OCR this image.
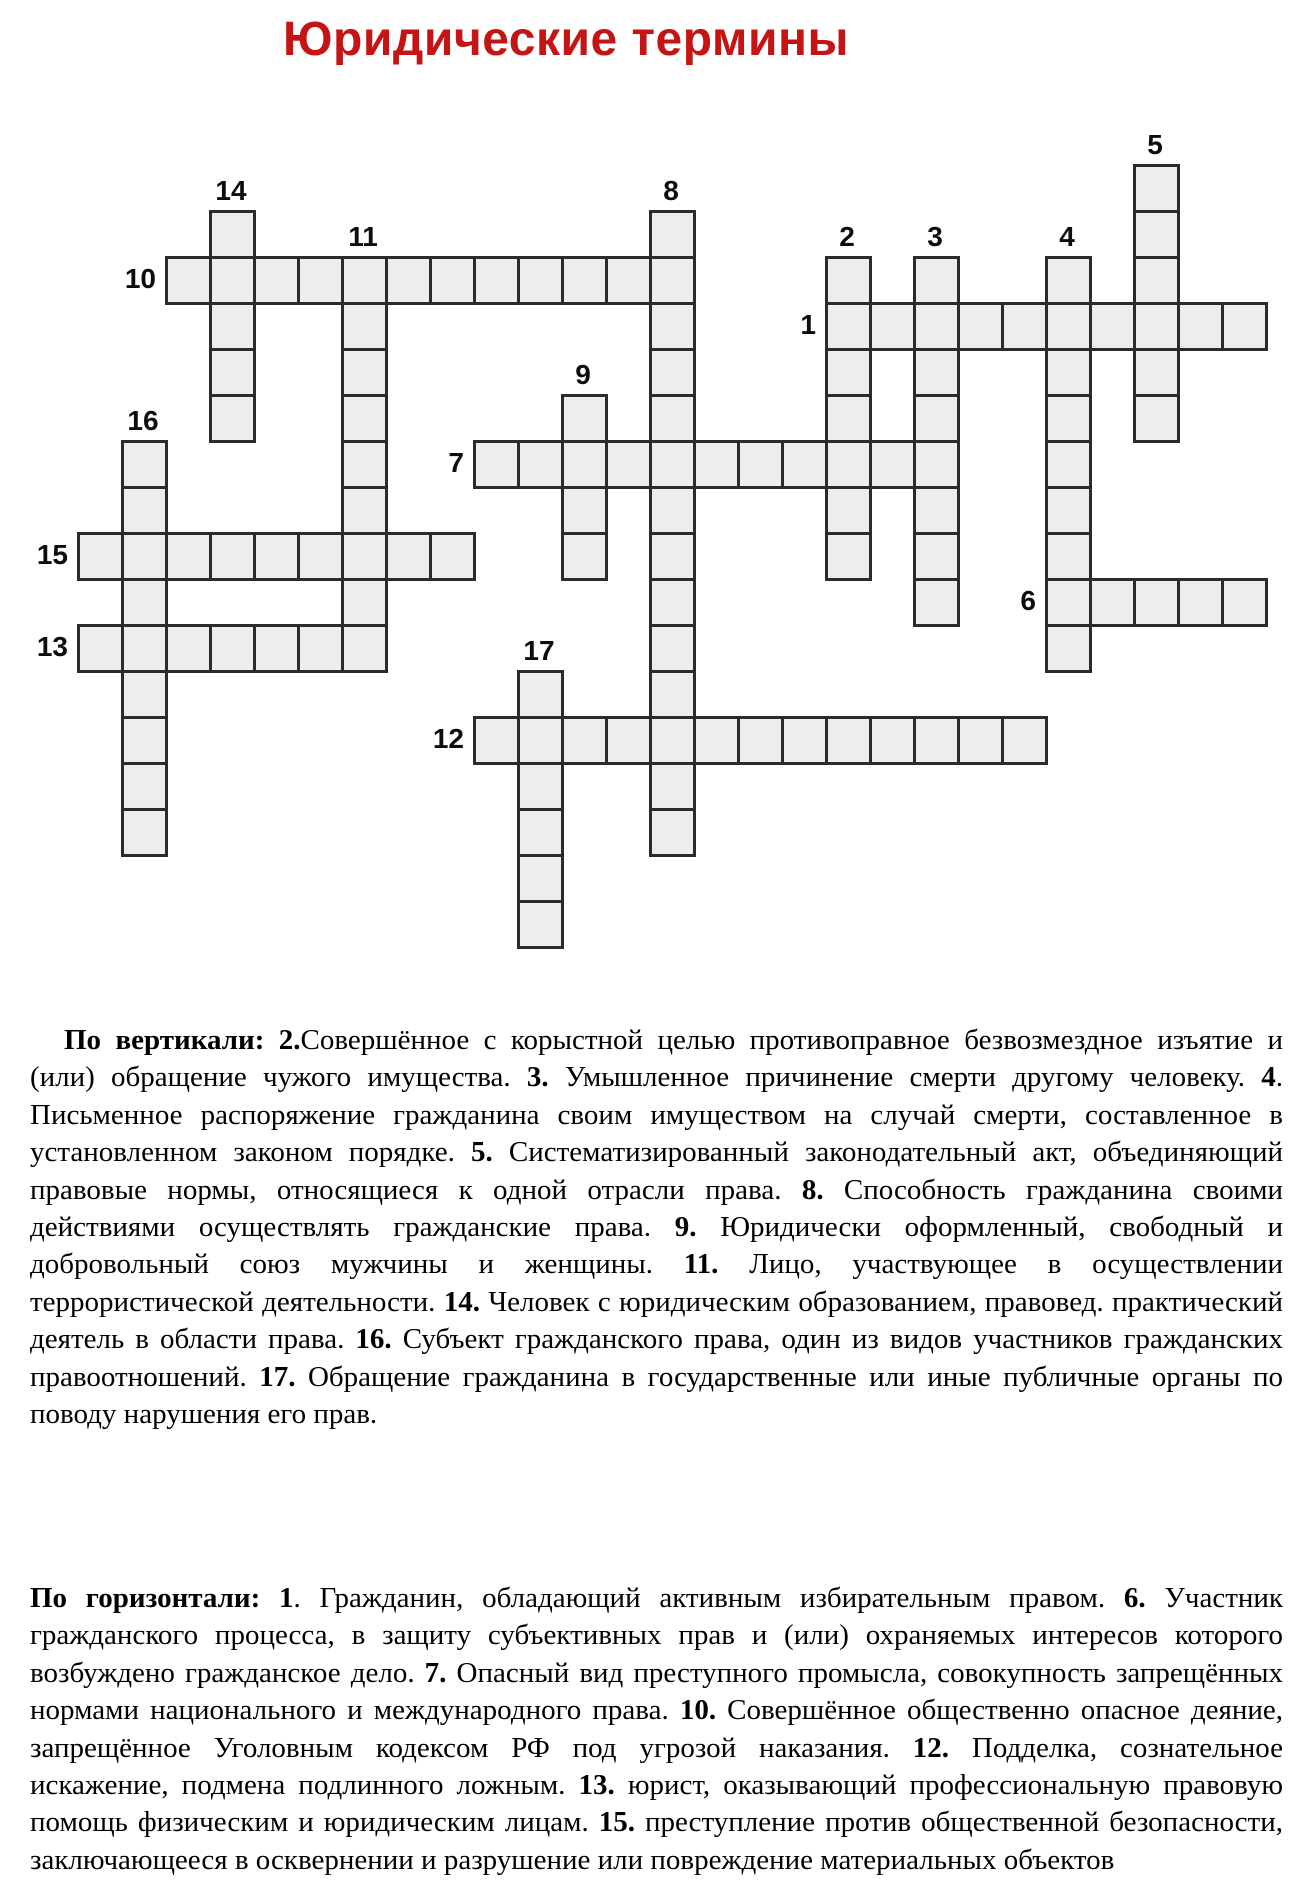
Юридические термины
1
2	3	4
5
6
7
8
9
10
11
12
13
14
15
16
17

По вертикали: 2.Совершённое с корыстной целью противоправное безвозмездное изъятие и (или) обращение чужого имущества. 3. Умышленное причинение смерти другому человеку. 4. Письменное распоряжение гражданина своим имуществом на случай смерти, составленное в установленном законом порядке. 5. Систематизированный законодательный акт, объединяющий правовые нормы, относящиеся к одной отрасли права. 8. Способность гражданина своими действиями осуществлять гражданские права. 9. Юридически оформленный, свободный и добровольный союз мужчины и женщины. 11. Лицо, участвующее в осуществлении террористической деятельности. 14. Человек с юридическим образованием, правовед. практический деятель в области права. 16. Субъект гражданского права, один из видов участников гражданских правоотношений. 17. Обращение гражданина в государственные или иные публичные органы по поводу нарушения его прав.

По горизонтали: 1. Гражданин, обладающий активным избирательным правом. 6. Участник гражданского процесса, в защиту субъективных прав и (или) охраняемых интересов которого возбуждено гражданское дело. 7. Опасный вид преступного промысла, совокупность запрещённых нормами национального и международного права. 10. Совершённое общественно опасное деяние, запрещённое Уголовным кодексом РФ под угрозой наказания. 12. Подделка, сознательное искажение, подмена подлинного ложным. 13. юрист, оказывающий профессиональную правовую помощь физическим и юридическим лицам. 15. преступление против общественной безопасности, заключающееся в осквернении и разрушение или повреждение материальных объектов
